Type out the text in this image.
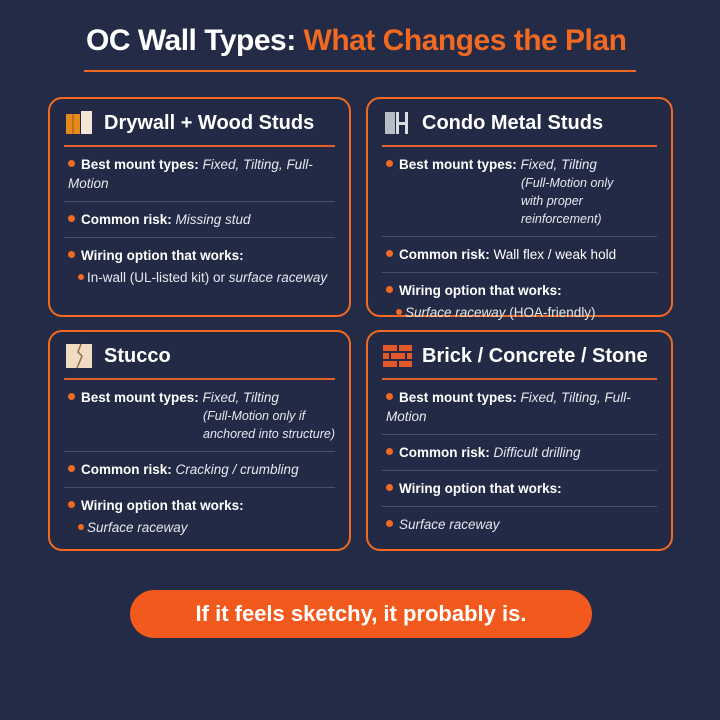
OC Wall Types: What Changes the Plan
Drywall + Wood Studs
Best mount types: Fixed, Tilting, Full-Motion
Common risk: Missing stud
Wiring option that works:
In-wall (UL-listed kit) or surface raceway
Condo Metal Studs
Best mount types: Fixed, Tilting
(Full-Motion only
with proper reinforcement)
Common risk: Wall flex / weak hold
Wiring option that works:
Surface raceway (HOA-friendly)
Stucco
Best mount types: Fixed, Tilting
(Full-Motion only if
anchored into structure)
Common risk: Cracking / crumbling
Wiring option that works:
Surface raceway
Brick / Concrete / Stone
Best mount types: Fixed, Tilting, Full-Motion
Common risk: Difficult drilling
Wiring option that works:
Surface raceway
If it feels sketchy, it probably is.
